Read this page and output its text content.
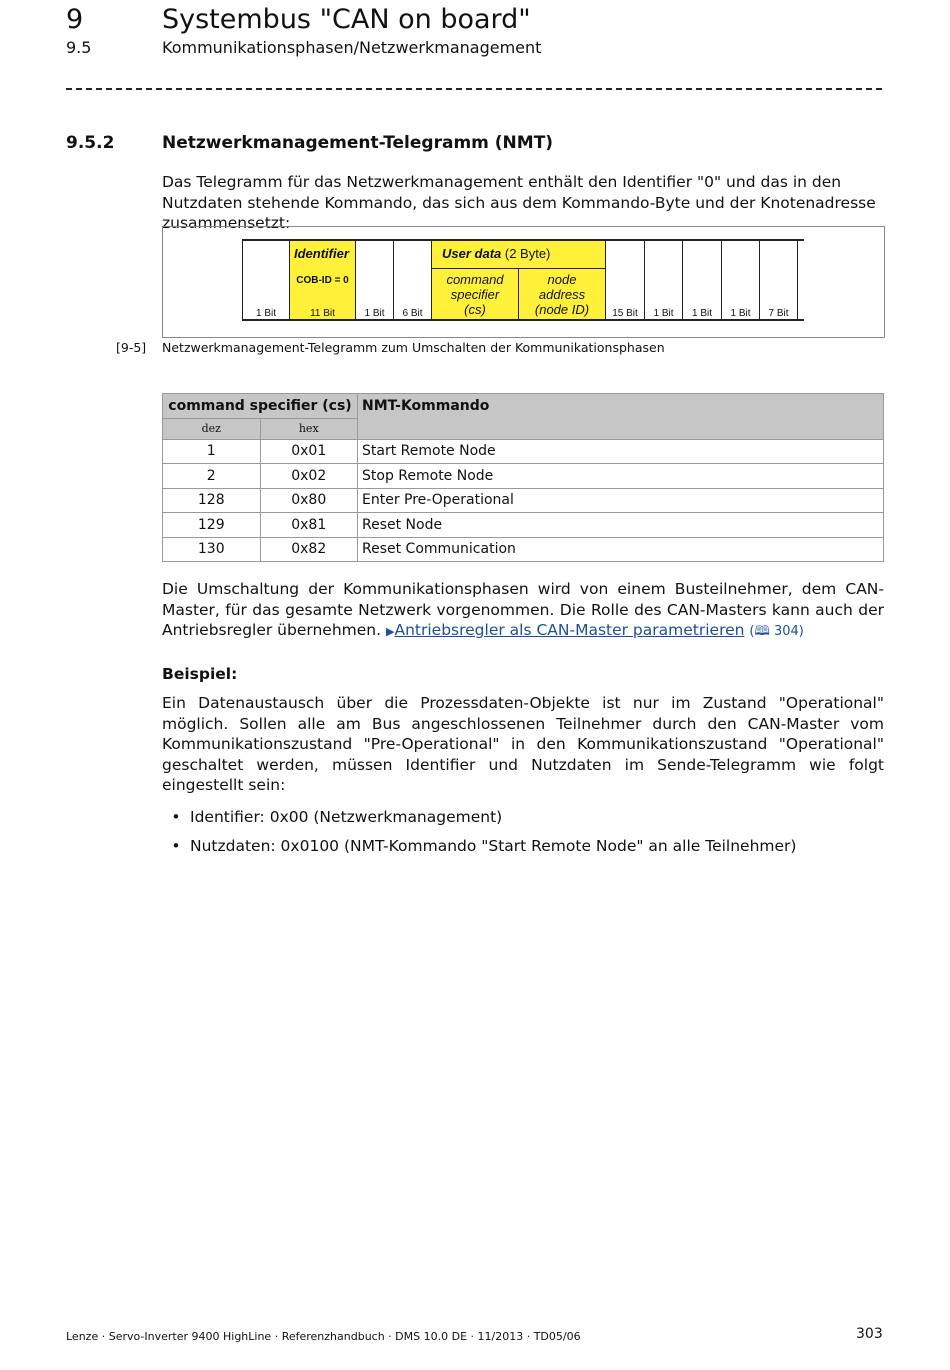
9	Systembus "CAN on board"
9.5	Kommunikationsphasen/Netzwerkmanagement
9.5.2	Netzwerkmanagement-Telegramm (NMT)
Das Telegramm für das Netzwerkmanagement enthält den Identifier "0" und das in den Nutzdaten stehende Kommando, das sich aus dem Kommando-Byte und der Knotenadresse zusammensetzt:
1 Bit
Identifier
COB-ID = 0
11 Bit	1 Bit	6 Bit
User data (2 Byte)
command
specifier
(cs)
node
address
(node ID)	15 Bit	1 Bit	1 Bit	1 Bit	7 Bit
[9-5] Netzwerkmanagement-Telegramm zum Umschalten der Kommunikationsphasen
command specifier (cs)		NMT-Kommando
dez	hex	
1	0x01	Start Remote Node
2	0x02	Stop Remote Node
128	0x80	Enter Pre-Operational
129	0x81	Reset Node
130	0x82	Reset Communication
Die Umschaltung der Kommunikationsphasen wird von einem Busteilnehmer, dem CAN-Master, für das gesamte Netzwerk vorgenommen. Die Rolle des CAN-Masters kann auch der Antriebsregler übernehmen. ▶Antriebsregler als CAN-Master parametrieren (🕮 304)
Beispiel:
Ein Datenaustausch über die Prozessdaten-Objekte ist nur im Zustand "Operational" möglich. Sollen alle am Bus angeschlossenen Teilnehmer durch den CAN-Master vom Kommunikationszustand "Pre-Operational" in den Kommunikationszustand "Operational" geschaltet werden, müssen Identifier und Nutzdaten im Sende-Telegramm wie folgt eingestellt sein:
• Identifier: 0x00 (Netzwerkmanagement)
• Nutzdaten: 0x0100 (NMT-Kommando "Start Remote Node" an alle Teilnehmer)
Lenze · Servo-Inverter 9400 HighLine · Referenzhandbuch · DMS 10.0 DE · 11/2013 · TD05/06	303
